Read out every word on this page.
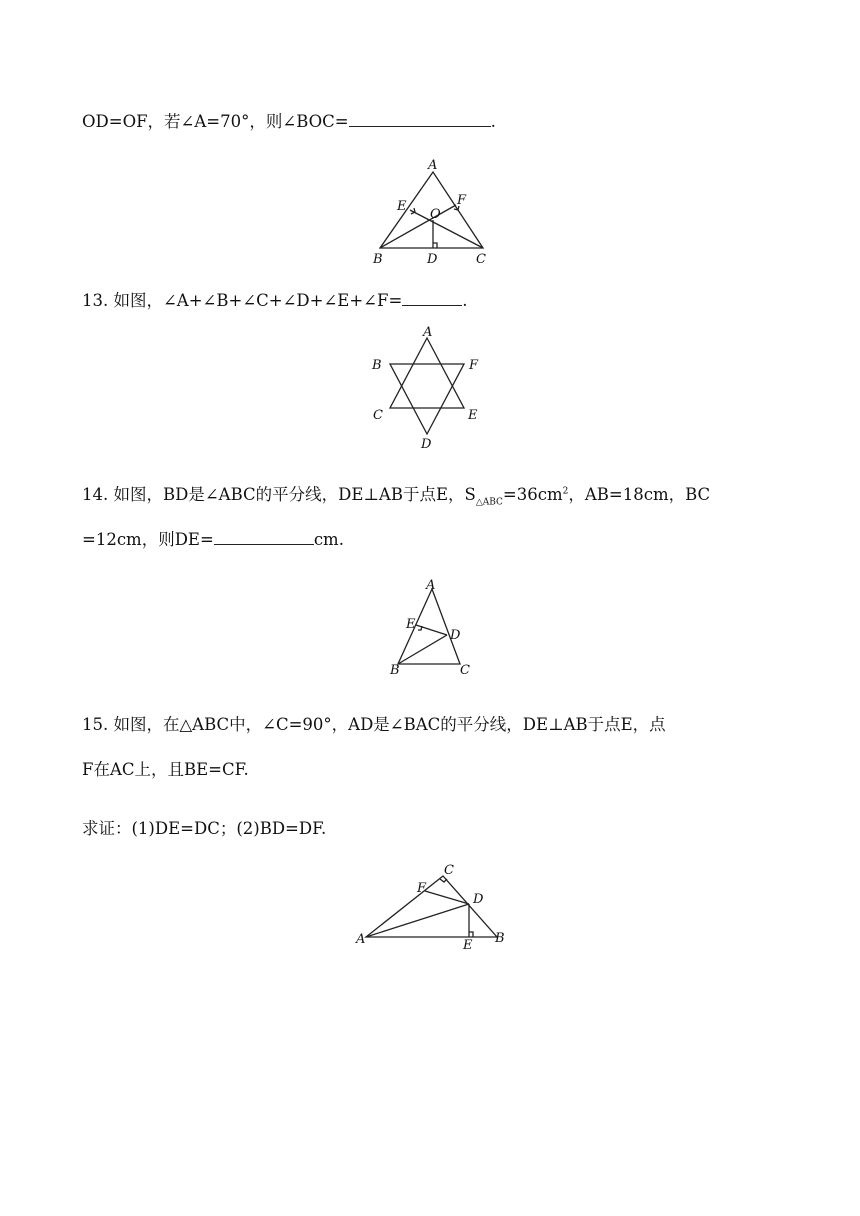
OD=OF，若∠A=70°，则∠BOC=	.
A
B	C
D
E	F
O
13. 如图，∠A+∠B+∠C+∠D+∠E+∠F=	.
A
B
C
D
E
F
14. 如图，BD是∠ABC的平分线，DE⊥AB于点E，$S_{\triangle ABC}=36cm^2$，AB=18cm，BC
=12cm，则DE=	cm.
A
B	C
D
E
15. 如图，在△ABC中，∠C=90°，AD是∠BAC的平分线，DE⊥AB于点E，点
F在AC上，且BE=CF.
求证：(1)DE=DC；(2)BD=DF.
C
F
D
A	B
E
